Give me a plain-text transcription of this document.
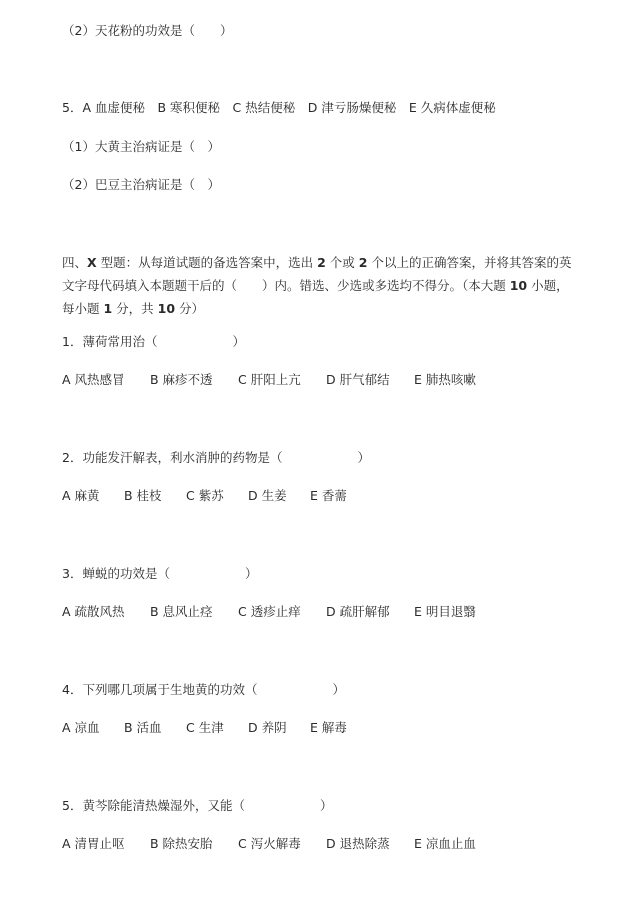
（2）天花粉的功效是（　　）
5．A 血虚便秘　B 寒积便秘　C 热结便秘　D 津亏肠燥便秘　E 久病体虚便秘
（1）大黄主治病证是（　）
（2）巴豆主治病证是（　）
四、X 型题：从每道试题的备选答案中，选出 2 个或 2 个以上的正确答案，并将其答案的英文字母代码填入本题题干后的（　　）内。错选、少选或多选均不得分。（本大题 10 小题，每小题 1 分，共 10 分）
1．薄荷常用治（　　　　　　）
A 风热感冒 B 麻疹不透 C 肝阳上亢 D 肝气郁结 E 肺热咳嗽
2．功能发汗解表，利水消肿的药物是（　　　　　　）
A 麻黄 B 桂枝 C 紫苏 D 生姜 E 香薷
3．蝉蜕的功效是（　　　　　　）
A 疏散风热 B 息风止痉 C 透疹止痒 D 疏肝解郁 E 明目退翳
4．下列哪几项属于生地黄的功效（　　　　　　）
A 凉血 B 活血 C 生津 D 养阴 E 解毒
5．黄芩除能清热燥湿外，又能（　　　　　　）
A 清胃止呕 B 除热安胎 C 泻火解毒 D 退热除蒸 E 凉血止血
